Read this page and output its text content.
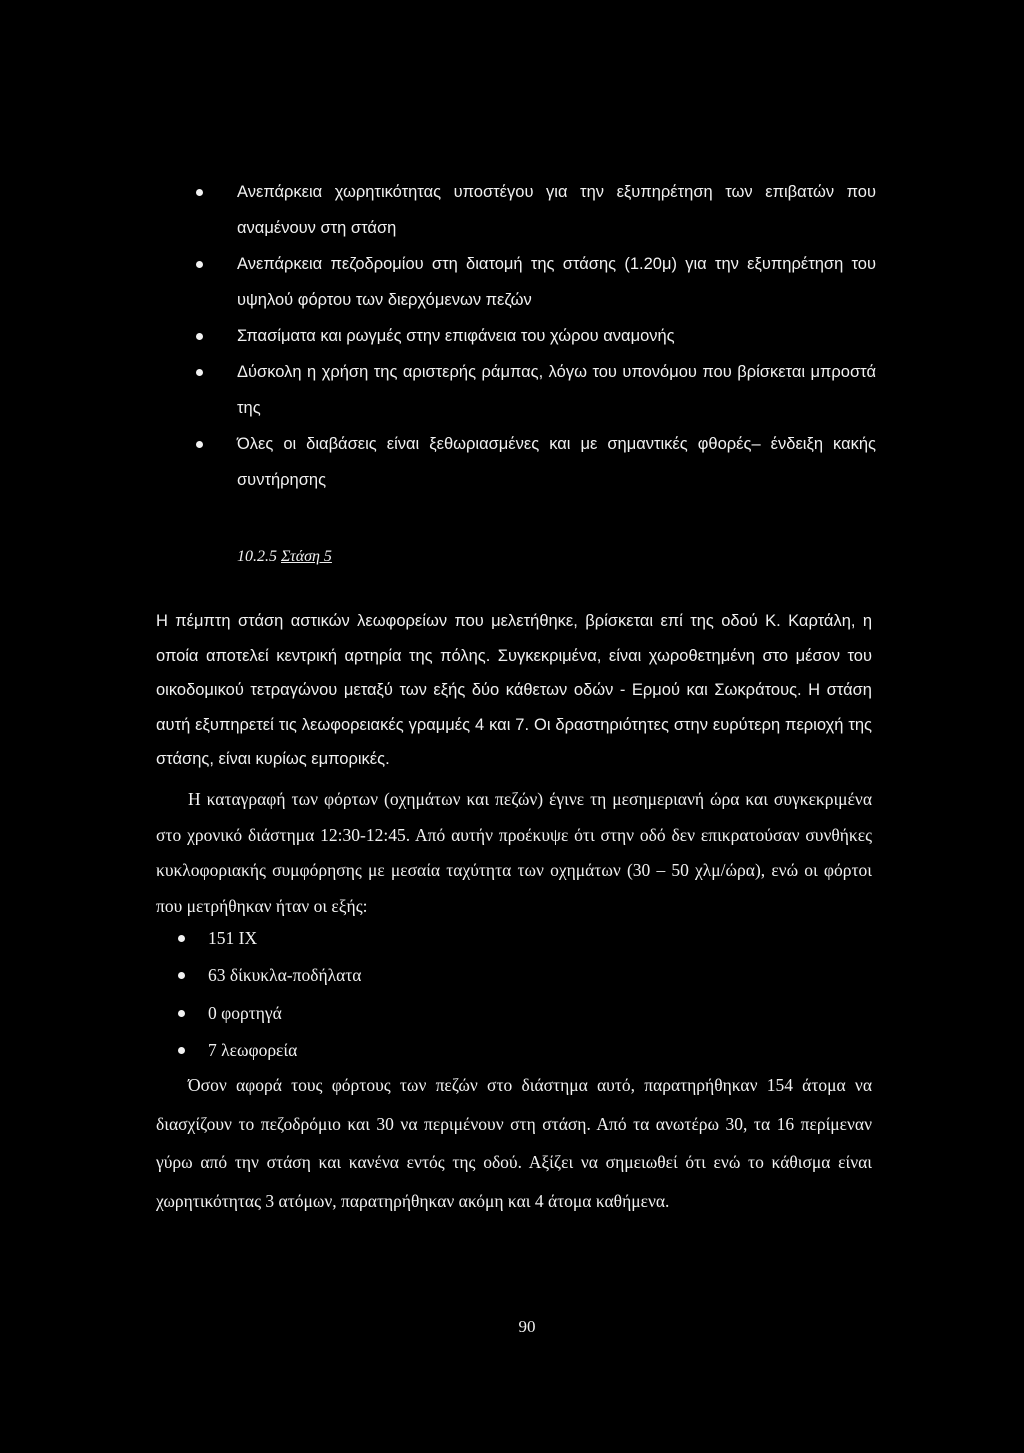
Ανεπάρκεια χωρητικότητας υποστέγου για την εξυπηρέτηση των επιβατών που αναμένουν στη στάση
Ανεπάρκεια πεζοδρομίου στη διατομή της στάσης (1.20μ) για την εξυπηρέτηση του υψηλού φόρτου των διερχόμενων πεζών
Σπασίματα και ρωγμές στην επιφάνεια του χώρου αναμονής
Δύσκολη η χρήση της αριστερής ράμπας, λόγω του υπονόμου που βρίσκεται μπροστά της
Όλες οι διαβάσεις είναι ξεθωριασμένες και με σημαντικές φθορές– ένδειξη κακής συντήρησης
10.2.5 Στάση 5

Η πέμπτη στάση αστικών λεωφορείων που μελετήθηκε, βρίσκεται επί της οδού Κ. Καρτάλη, η οποία αποτελεί κεντρική αρτηρία της πόλης. Συγκεκριμένα, είναι χωροθετημένη στο μέσον του οικοδομικού τετραγώνου μεταξύ των εξής δύο κάθετων οδών - Ερμού και Σωκράτους. Η στάση αυτή εξυπηρετεί τις λεωφορειακές γραμμές 4 και 7. Οι δραστηριότητες στην ευρύτερη περιοχή της στάσης, είναι κυρίως εμπορικές.

Η καταγραφή των φόρτων (οχημάτων και πεζών) έγινε τη μεσημεριανή ώρα και συγκεκριμένα στο χρονικό διάστημα 12:30-12:45. Από αυτήν προέκυψε ότι στην οδό δεν επικρατούσαν συνθήκες κυκλοφοριακής συμφόρησης με μεσαία ταχύτητα των οχημάτων (30 – 50 χλμ/ώρα), ενώ οι φόρτοι που μετρήθηκαν ήταν οι εξής:

151 ΙΧ
63 δίκυκλα-ποδήλατα
0 φορτηγά
7 λεωφορεία

Όσον αφορά τους φόρτους των πεζών στο διάστημα αυτό, παρατηρήθηκαν 154 άτομα να διασχίζουν το πεζοδρόμιο και 30 να περιμένουν στη στάση. Από τα ανωτέρω 30, τα 16 περίμεναν γύρω από την στάση και κανένα εντός της οδού. Αξίζει να σημειωθεί ότι ενώ το κάθισμα είναι χωρητικότητας 3 ατόμων, παρατηρήθηκαν ακόμη και 4 άτομα καθήμενα.

90
